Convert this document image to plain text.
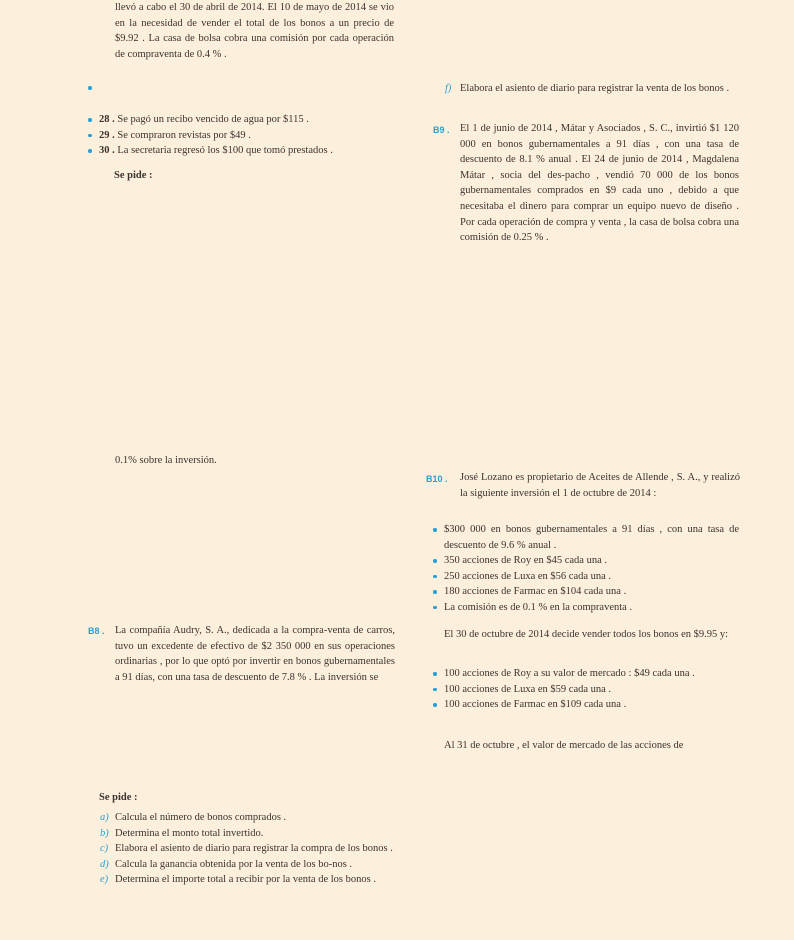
llevó a cabo el 30 de abril de 2014. El 10 de mayo de 2014 se vio en la necesidad de vender el total de los bonos a un precio de $9.92 . La casa de bolsa cobra una comisión por cada operación de compraventa de 0.4 % .

28 . Se pagó un recibo vencido de agua por $115 .
29 . Se compraron revistas por $49 .
30 . La secretaria regresó los $100 que tomó prestados .
Se pide :
0.1% sobre la inversión.
B8 . La compañía Audry, S. A., dedicada a la compra-venta de carros, tuvo un excedente de efectivo de $2 350 000 en sus operaciones ordinarias , por lo que optó por invertir en bonos gubernamentales a 91 días, con una tasa de descuento de 7.8 % . La inversión se

Se pide :
a) Calcula el número de bonos comprados .
b) Determina el monto total invertido.
c) Elabora el asiento de diario para registrar la compra de los bonos .
d) Calcula la ganancia obtenida por la venta de los bo-nos .
e) Determina el importe total a recibir por la venta de los bonos .
f) Elabora el asiento de diario para registrar la venta de los bonos .

B9 . El 1 de junio de 2014 , Mátar y Asociados , S. C., invirtió $1 120 000 en bonos gubernamentales a 91 días , con una tasa de descuento de 8.1 % anual . El 24 de junio de 2014 , Magdalena Mátar , socia del des-pacho , vendió 70 000 de los bonos gubernamentales comprados en $9 cada uno , debido a que necesitaba el dinero para comprar un equipo nuevo de diseño . Por cada operación de compra y venta , la casa de bolsa cobra una comisión de 0.25 % .

B10 . José Lozano es propietario de Aceites de Allende , S. A., y realizó la siguiente inversión el 1 de octubre de 2014 :

$300 000 en bonos gubernamentales a 91 días , con una tasa de descuento de 9.6 % anual .
350 acciones de Roy en $45 cada una .
250 acciones de Luxa en $56 cada una .
180 acciones de Farmac en $104 cada una .
La comisión es de 0.1 % en la compraventa .

El 30 de octubre de 2014 decide vender todos los bonos en $9.95 y:

100 acciones de Roy a su valor de mercado : $49 cada una .
100 acciones de Luxa en $59 cada una .
100 acciones de Farmac en $109 cada una .
Al 31 de octubre , el valor de mercado de las acciones de
